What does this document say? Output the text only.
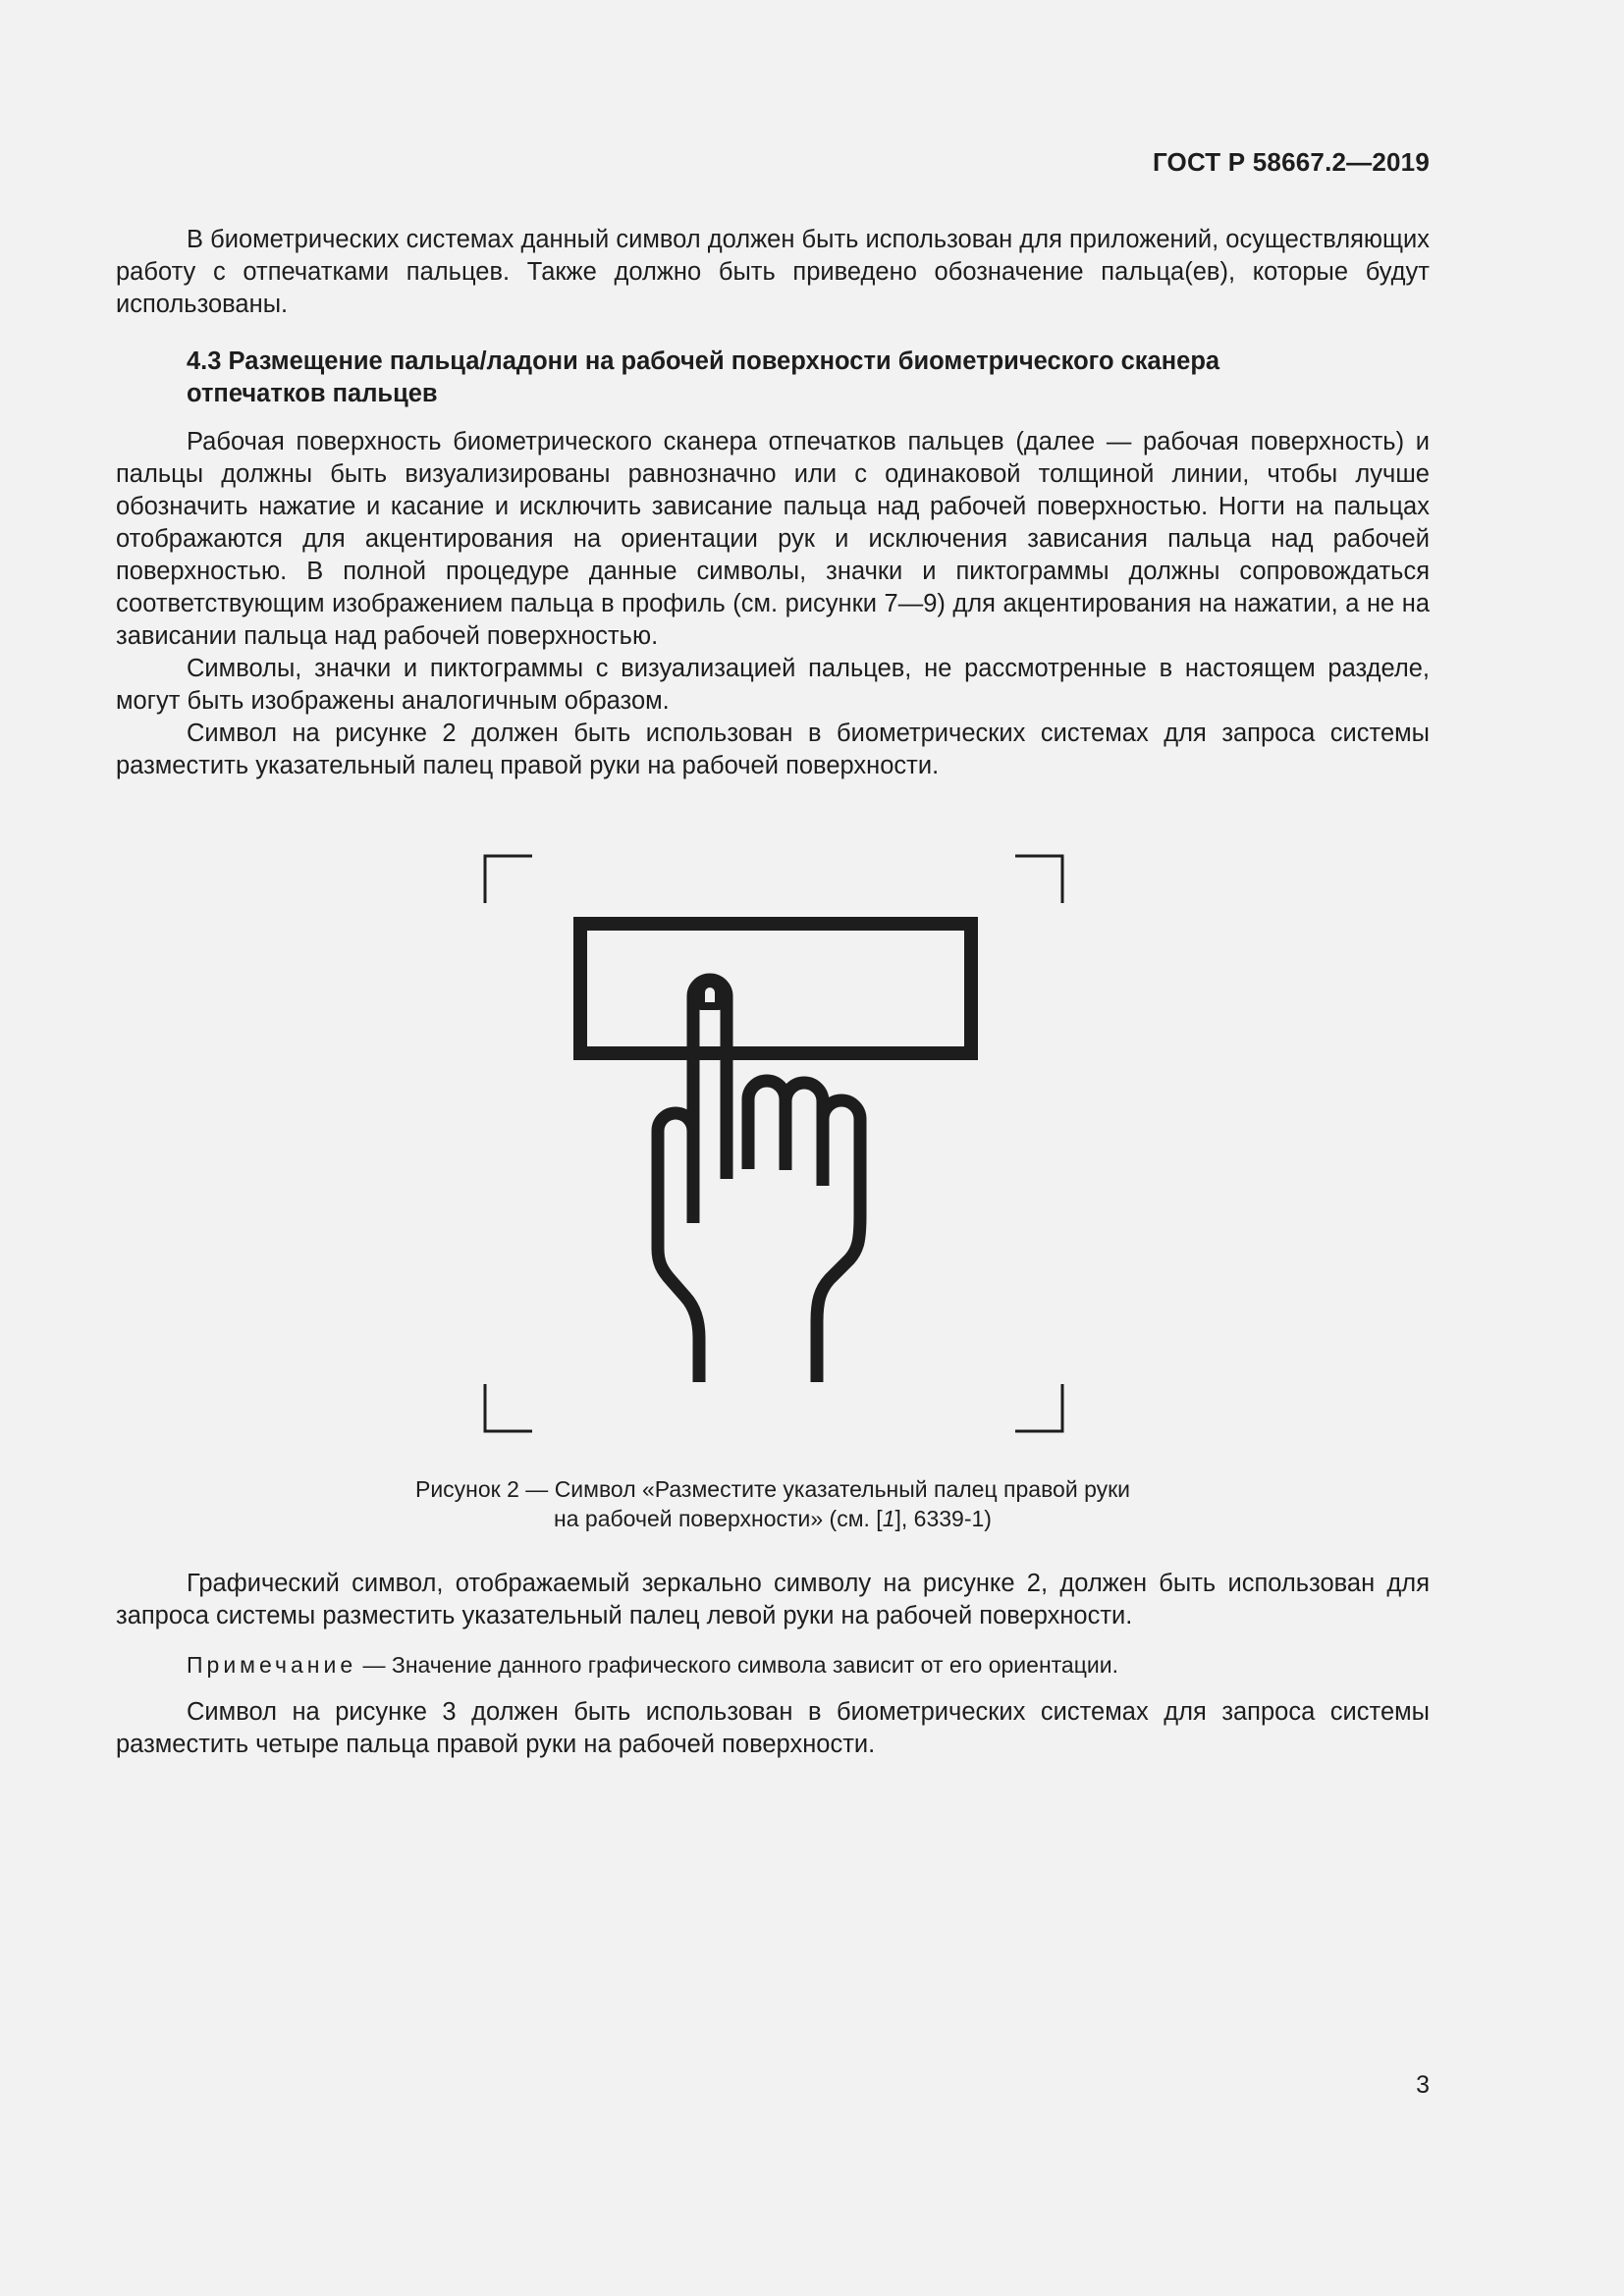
ГОСТ Р 58667.2—2019

В биометрических системах данный символ должен быть использован для приложений, осуществляющих работу с отпечатками пальцев. Также должно быть приведено обозначение пальца(ев), которые будут использованы.

4.3 Размещение пальца/ладони на рабочей поверхности биометрического сканера
отпечатков пальцев

Рабочая поверхность биометрического сканера отпечатков пальцев (далее — рабочая поверхность) и пальцы должны быть визуализированы равнозначно или с одинаковой толщиной линии, чтобы лучше обозначить нажатие и касание и исключить зависание пальца над рабочей поверхностью. Ногти на пальцах отображаются для акцентирования на ориентации рук и исключения зависания пальца над рабочей поверхностью. В полной процедуре данные символы, значки и пиктограммы должны сопровождаться соответствующим изображением пальца в профиль (см. рисунки 7—9) для акцентирования на нажатии, а не на зависании пальца над рабочей поверхностью.

Символы, значки и пиктограммы с визуализацией пальцев, не рассмотренные в настоящем разделе, могут быть изображены аналогичным образом.

Символ на рисунке 2 должен быть использован в биометрических системах для запроса системы разместить указательный палец правой руки на рабочей поверхности.

Рисунок 2 — Символ «Разместите указательный палец правой руки
на рабочей поверхности» (см. [1], 6339-1)

Графический символ, отображаемый зеркально символу на рисунке 2, должен быть использован для запроса системы разместить указательный палец левой руки на рабочей поверхности.

Примечание — Значение данного графического символа зависит от его ориентации.

Символ на рисунке 3 должен быть использован в биометрических системах для запроса системы разместить четыре пальца правой руки на рабочей поверхности.

3
